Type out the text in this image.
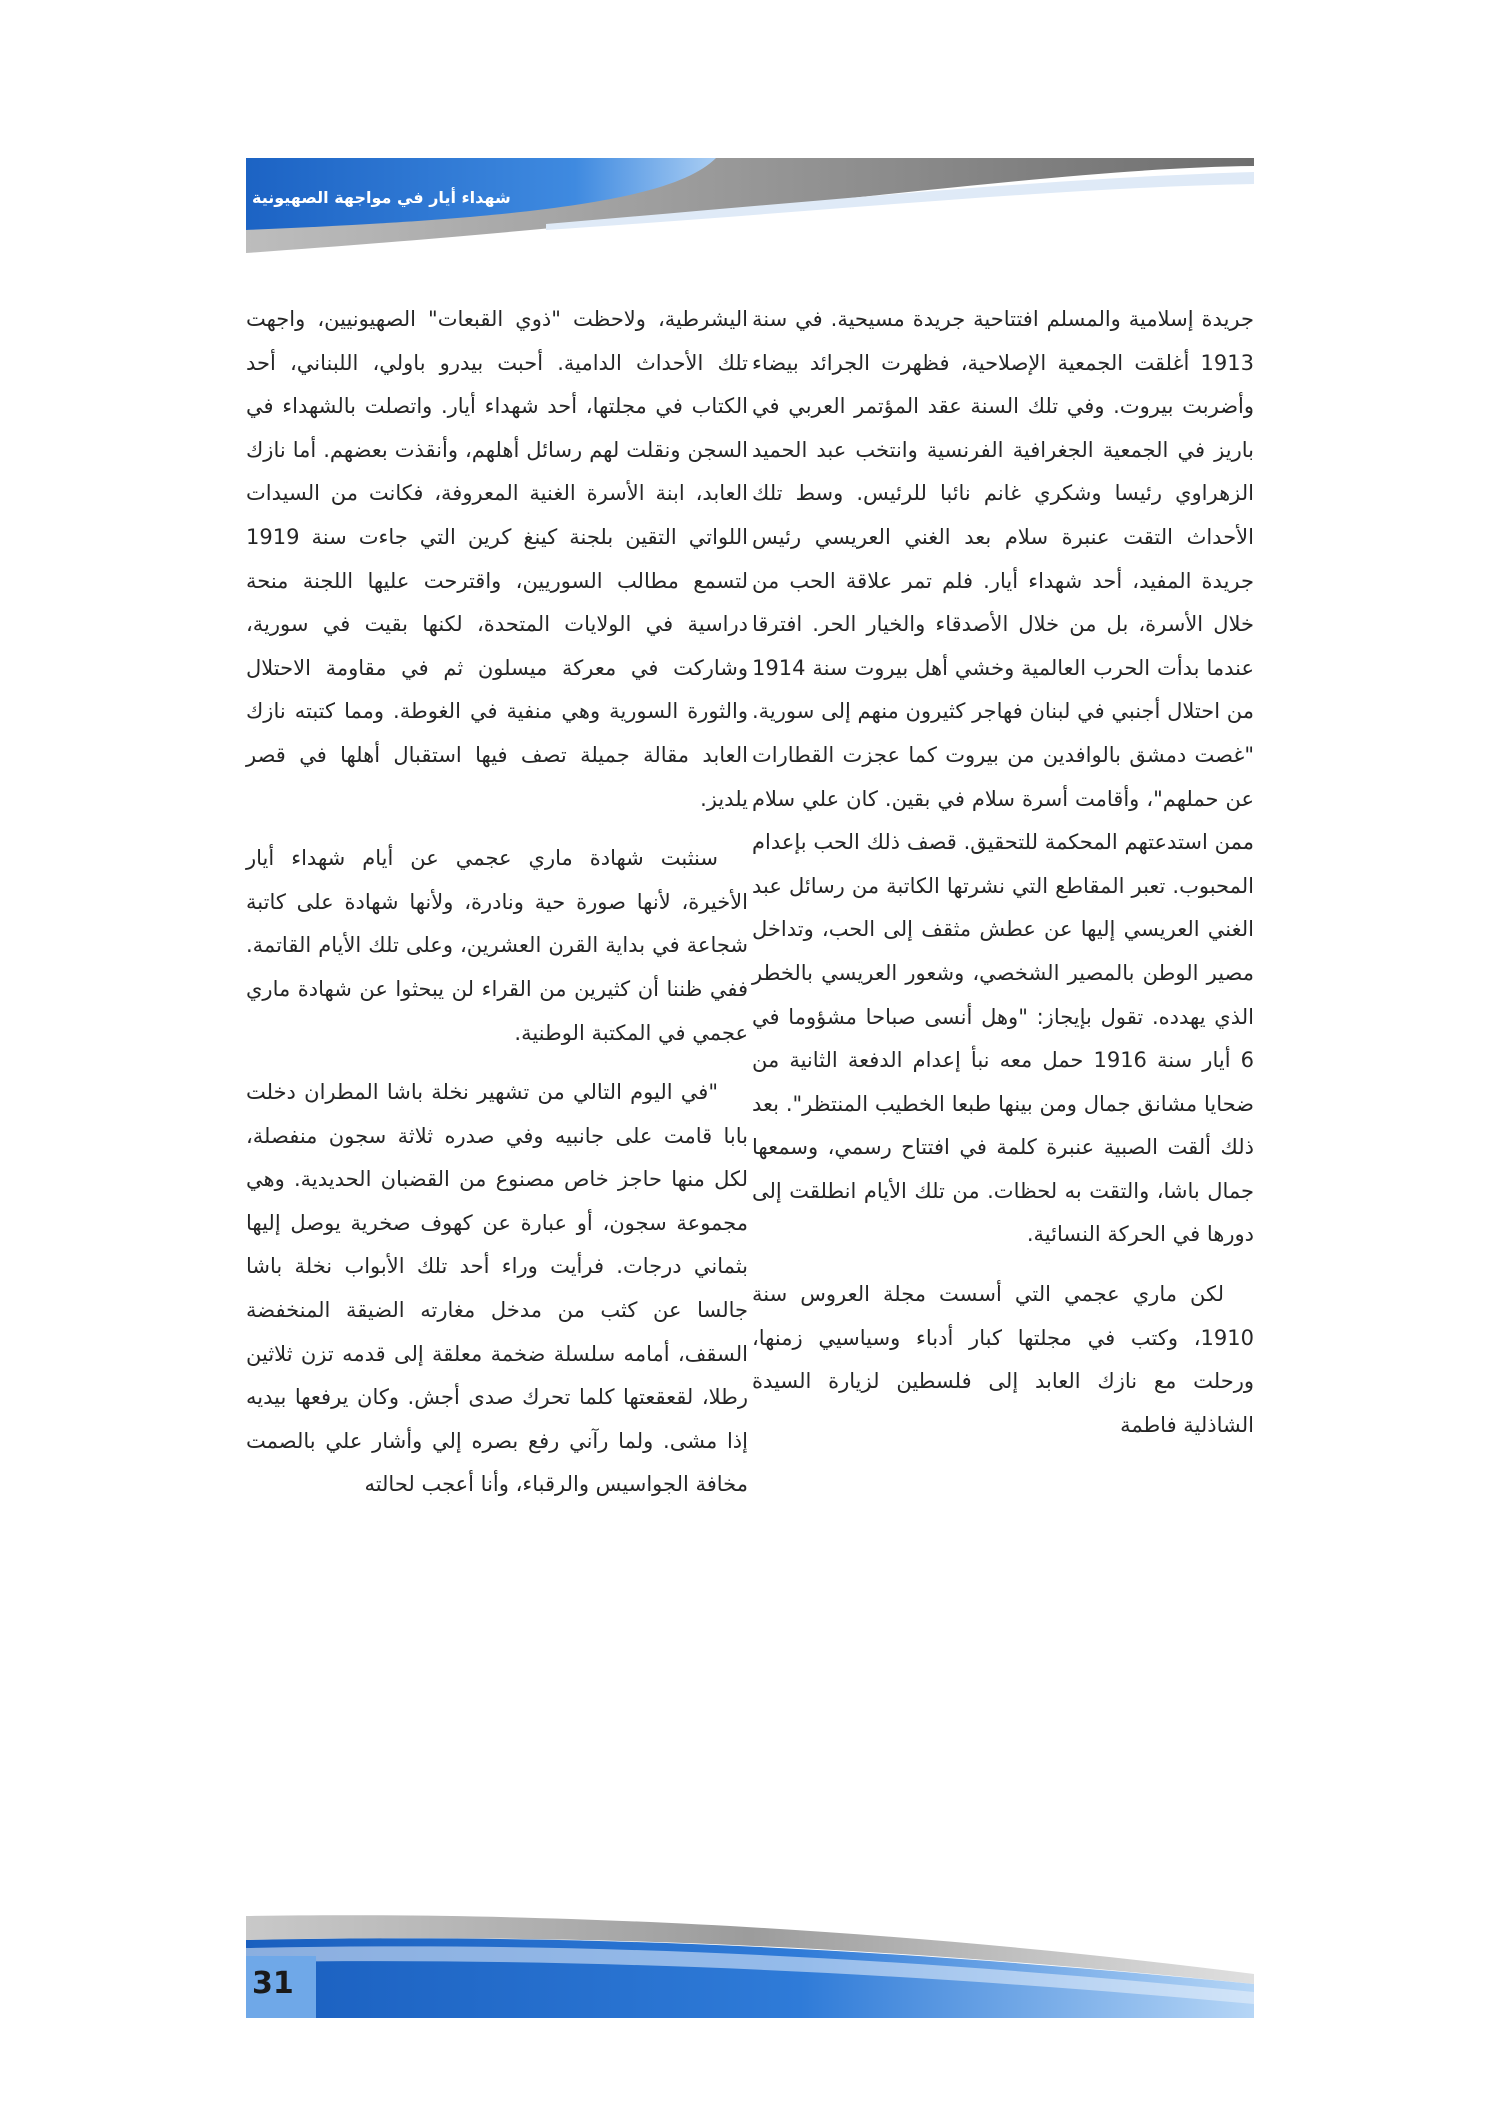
شهداء أيار في مواجهة الصهيونية

جريدة إسلامية والمسلم افتتاحية جريدة مسيحية. في سنة 1913 أغلقت الجمعية الإصلاحية، فظهرت الجرائد بيضاء وأضربت بيروت. وفي تلك السنة عقد المؤتمر العربي في باريز في الجمعية الجغرافية الفرنسية وانتخب عبد الحميد الزهراوي رئيسا وشكري غانم نائبا للرئيس. وسط تلك الأحداث التقت عنبرة سلام بعد الغني العريسي رئيس جريدة المفيد، أحد شهداء أيار. فلم تمر علاقة الحب من خلال الأسرة، بل من خلال الأصدقاء والخيار الحر. افترقا عندما بدأت الحرب العالمية وخشي أهل بيروت سنة 1914 من احتلال أجنبي في لبنان فهاجر كثيرون منهم إلى سورية. "غصت دمشق بالوافدين من بيروت كما عجزت القطارات عن حملهم"، وأقامت أسرة سلام في بقين. كان علي سلام ممن استدعتهم المحكمة للتحقيق. قصف ذلك الحب بإعدام المحبوب. تعبر المقاطع التي نشرتها الكاتبة من رسائل عبد الغني العريسي إليها عن عطش مثقف إلى الحب، وتداخل مصير الوطن بالمصير الشخصي، وشعور العريسي بالخطر الذي يهدده. تقول بإيجاز: "وهل أنسى صباحا مشؤوما في 6 أيار سنة 1916 حمل معه نبأ إعدام الدفعة الثانية من ضحايا مشانق جمال ومن بينها طبعا الخطيب المنتظر". بعد ذلك ألقت الصبية عنبرة كلمة في افتتاح رسمي، وسمعها جمال باشا، والتقت به لحظات. من تلك الأيام انطلقت إلى دورها في الحركة النسائية.

لكن ماري عجمي التي أسست مجلة العروس سنة 1910، وكتب في مجلتها كبار أدباء وسياسيي زمنها، ورحلت مع نازك العابد إلى فلسطين لزيارة السيدة الشاذلية فاطمة

اليشرطية، ولاحظت "ذوي القبعات" الصهيونيين، واجهت تلك الأحداث الدامية. أحبت بيدرو باولي، اللبناني، أحد الكتاب في مجلتها، أحد شهداء أيار. واتصلت بالشهداء في السجن ونقلت لهم رسائل أهلهم، وأنقذت بعضهم. أما نازك العابد، ابنة الأسرة الغنية المعروفة، فكانت من السيدات اللواتي التقين بلجنة كينغ كرين التي جاءت سنة 1919 لتسمع مطالب السوريين، واقترحت عليها اللجنة منحة دراسية في الولايات المتحدة، لكنها بقيت في سورية، وشاركت في معركة ميسلون ثم في مقاومة الاحتلال والثورة السورية وهي منفية في الغوطة. ومما كتبته نازك العابد مقالة جميلة تصف فيها استقبال أهلها في قصر يلديز.

سنثبت شهادة ماري عجمي عن أيام شهداء أيار الأخيرة، لأنها صورة حية ونادرة، ولأنها شهادة على كاتبة شجاعة في بداية القرن العشرين، وعلى تلك الأيام القاتمة. ففي ظننا أن كثيرين من القراء لن يبحثوا عن شهادة ماري عجمي في المكتبة الوطنية.

"في اليوم التالي من تشهير نخلة باشا المطران دخلت بابا قامت على جانبيه وفي صدره ثلاثة سجون منفصلة، لكل منها حاجز خاص مصنوع من القضبان الحديدية. وهي مجموعة سجون، أو عبارة عن كهوف صخرية يوصل إليها بثماني درجات. فرأيت وراء أحد تلك الأبواب نخلة باشا جالسا عن كثب من مدخل مغارته الضيقة المنخفضة السقف، أمامه سلسلة ضخمة معلقة إلى قدمه تزن ثلاثين رطلا، لقعقعتها كلما تحرك صدى أجش. وكان يرفعها بيديه إذا مشى. ولما رآني رفع بصره إلي وأشار علي بالصمت مخافة الجواسيس والرقباء، وأنا أعجب لحالته

31
